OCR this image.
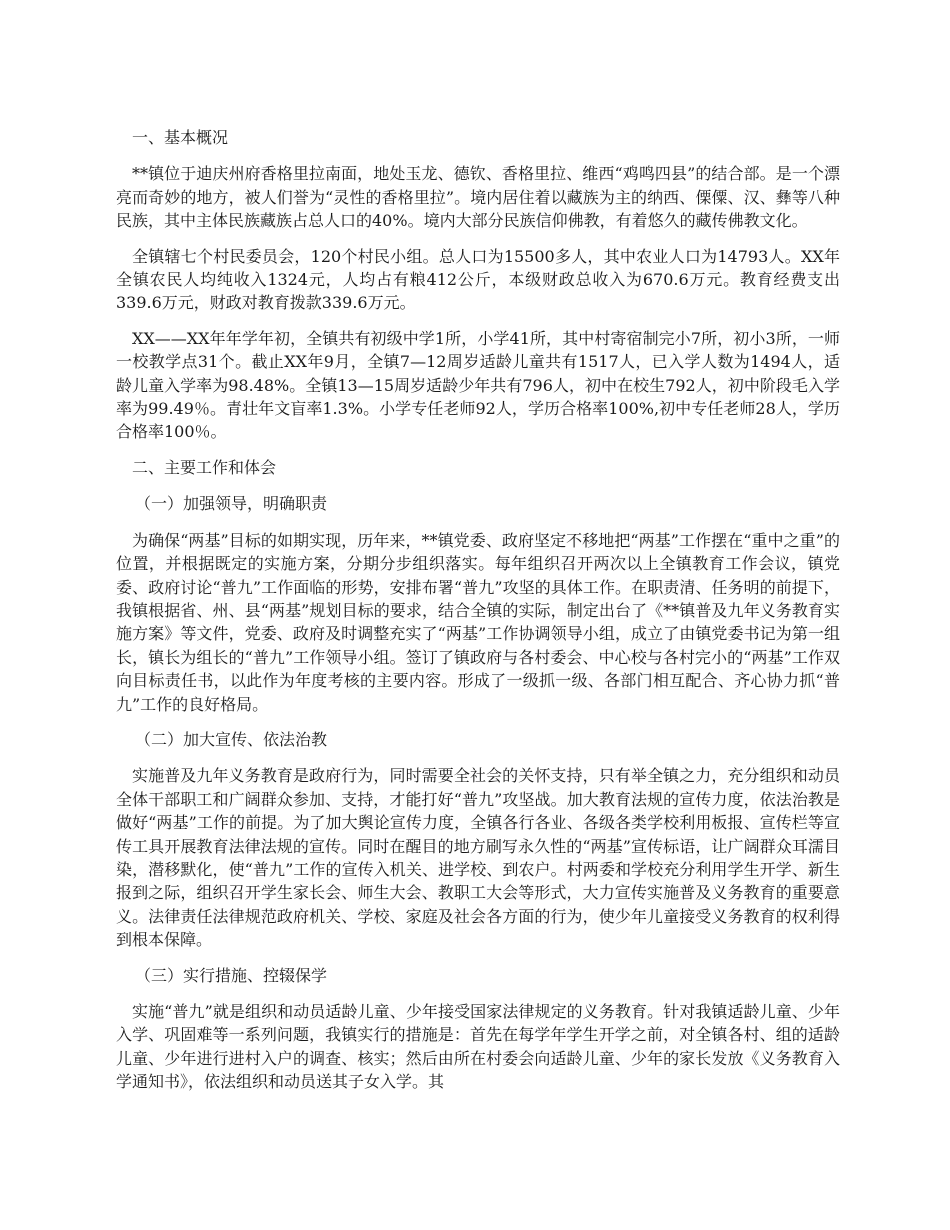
一、基本概况

**镇位于迪庆州府香格里拉南面，地处玉龙、德钦、香格里拉、维西“鸡鸣四县”的结合部。是一个漂亮而奇妙的地方，被人们誉为“灵性的香格里拉”。境内居住着以藏族为主的纳西、傈僳、汉、彝等八种民族，其中主体民族藏族占总人口的40%。境内大部分民族信仰佛教，有着悠久的藏传佛教文化。

全镇辖七个村民委员会，120个村民小组。总人口为15500多人，其中农业人口为14793人。XX年全镇农民人均纯收入1324元，人均占有粮412公斤，本级财政总收入为670.6万元。教育经费支出339.6万元，财政对教育拨款339.6万元。

XX——XX年年学年初，全镇共有初级中学1所，小学41所，其中村寄宿制完小7所，初小3所，一师一校教学点31个。截止XX年9月，全镇7—12周岁适龄儿童共有1517人，已入学人数为1494人，适龄儿童入学率为98.48%。全镇13—15周岁适龄少年共有796人，初中在校生792人，初中阶段毛入学率为99.49％。青壮年文盲率1.3%。小学专任老师92人，学历合格率100%,初中专任老师28人，学历合格率100％。

二、主要工作和体会

（一）加强领导，明确职责

为确保“两基”目标的如期实现，历年来，**镇党委、政府坚定不移地把“两基”工作摆在“重中之重”的位置，并根据既定的实施方案，分期分步组织落实。每年组织召开两次以上全镇教育工作会议，镇党委、政府讨论“普九”工作面临的形势，安排布署“普九”攻坚的具体工作。在职责清、任务明的前提下，我镇根据省、州、县“两基”规划目标的要求，结合全镇的实际，制定出台了《**镇普及九年义务教育实施方案》等文件，党委、政府及时调整充实了“两基”工作协调领导小组，成立了由镇党委书记为第一组长，镇长为组长的“普九”工作领导小组。签订了镇政府与各村委会、中心校与各村完小的“两基”工作双向目标责任书，以此作为年度考核的主要内容。形成了一级抓一级、各部门相互配合、齐心协力抓“普九”工作的良好格局。

（二）加大宣传、依法治教

实施普及九年义务教育是政府行为，同时需要全社会的关怀支持，只有举全镇之力，充分组织和动员全体干部职工和广阔群众参加、支持，才能打好“普九”攻坚战。加大教育法规的宣传力度，依法治教是做好“两基”工作的前提。为了加大舆论宣传力度，全镇各行各业、各级各类学校利用板报、宣传栏等宣传工具开展教育法律法规的宣传。同时在醒目的地方刷写永久性的“两基”宣传标语，让广阔群众耳濡目染，潜移默化，使“普九”工作的宣传入机关、进学校、到农户。村两委和学校充分利用学生开学、新生报到之际，组织召开学生家长会、师生大会、教职工大会等形式，大力宣传实施普及义务教育的重要意义。法律责任法律规范政府机关、学校、家庭及社会各方面的行为，使少年儿童接受义务教育的权利得到根本保障。

（三）实行措施、控辍保学

实施“普九”就是组织和动员适龄儿童、少年接受国家法律规定的义务教育。针对我镇适龄儿童、少年入学、巩固难等一系列问题，我镇实行的措施是：首先在每学年学生开学之前，对全镇各村、组的适龄儿童、少年进行进村入户的调查、核实；然后由所在村委会向适龄儿童、少年的家长发放《义务教育入学通知书》，依法组织和动员送其子女入学。其
